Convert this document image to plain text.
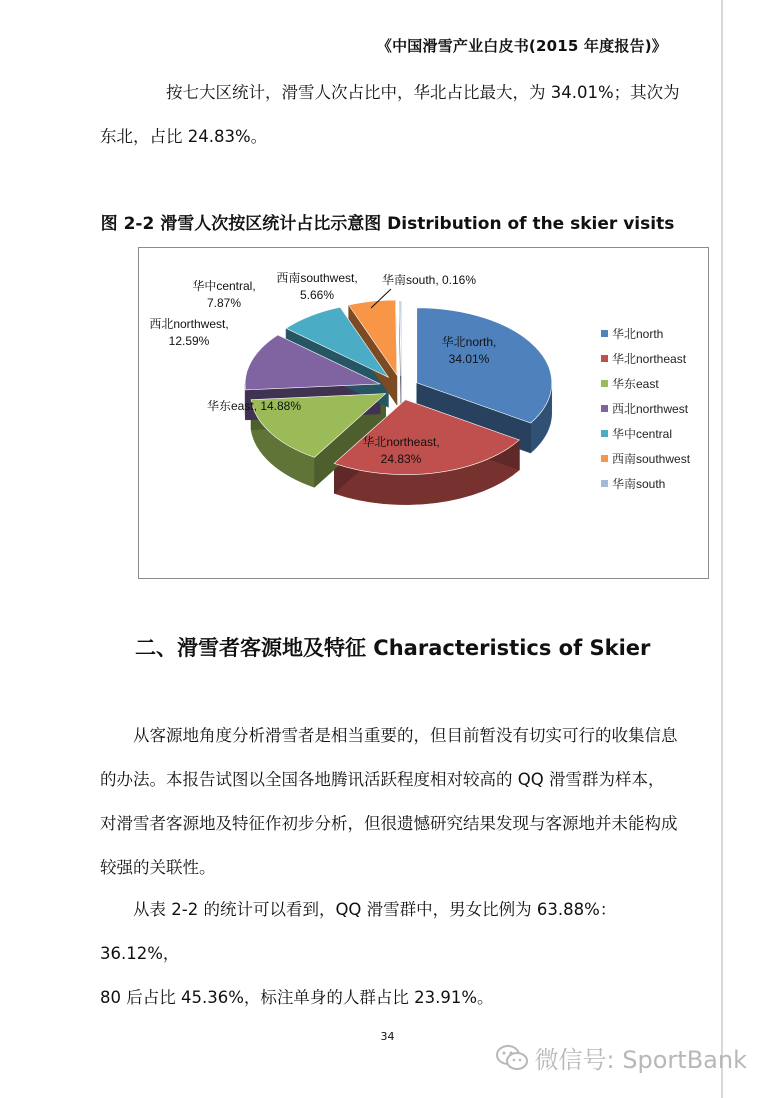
《中国滑雪产业白皮书(2015 年度报告)》
按七大区统计，滑雪人次占比中，华北占比最大，为 34.01%；其次为
东北，占比 24.83%。
图 2-2 滑雪人次按区统计占比示意图 Distribution of the skier visits
华北north,
34.01%
华北northeast,
24.83%
华东east, 14.88%
西北northwest,
12.59%
华中central,
7.87%
西南southwest,
5.66%
华南south, 0.16%
华北north
华北northeast
华东east
西北northwest
华中central
西南southwest
华南south
二、滑雪者客源地及特征 Characteristics of Skier
从客源地角度分析滑雪者是相当重要的，但目前暂没有切实可行的收集信息
的办法。本报告试图以全国各地腾讯活跃程度相对较高的 QQ 滑雪群为样本，
对滑雪者客源地及特征作初步分析，但很遗憾研究结果发现与客源地并未能构成
较强的关联性。
从表 2-2 的统计可以看到，QQ 滑雪群中，男女比例为 63.88%：36.12%，
80 后占比 45.36%，标注单身的人群占比 23.91%。
34
微信号: SportBank
